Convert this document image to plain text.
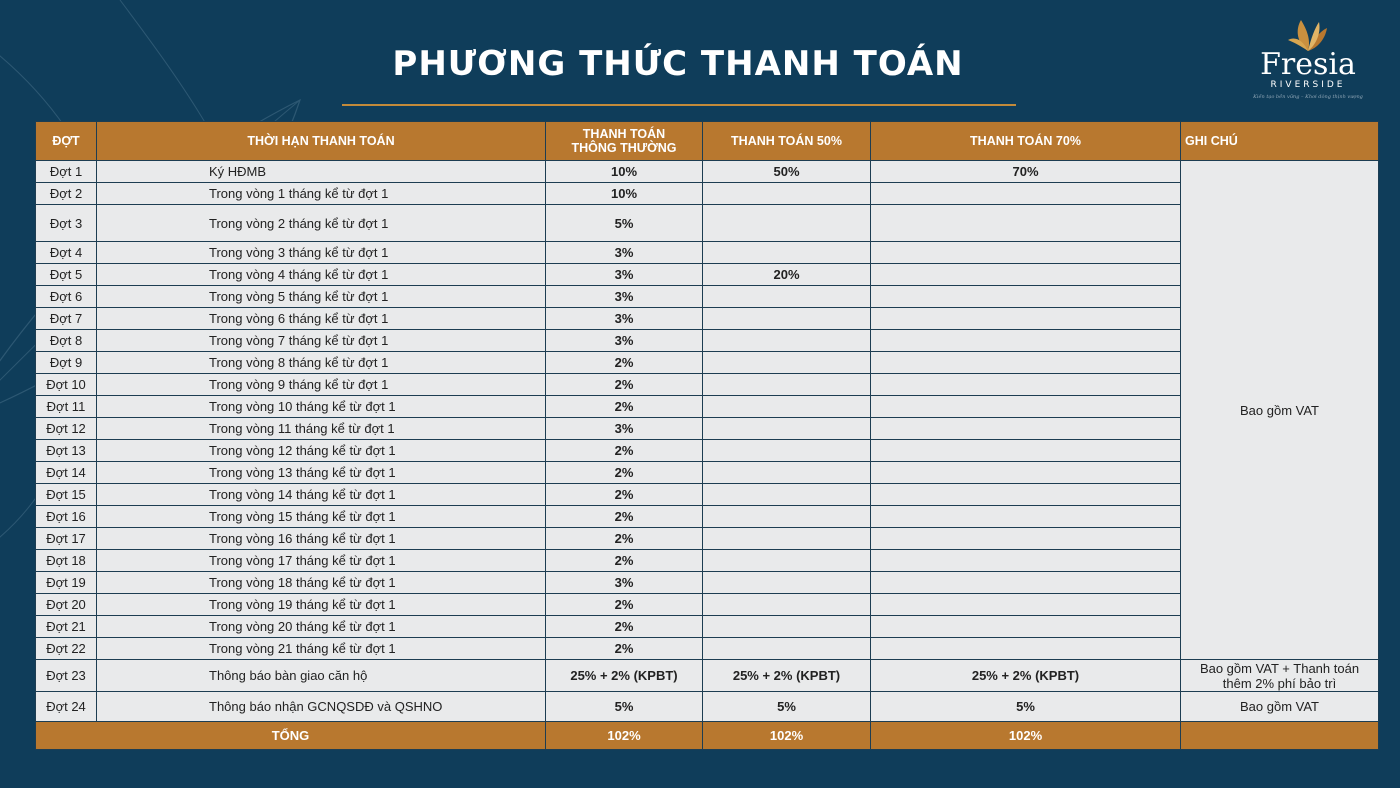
PHƯƠNG THỨC THANH TOÁN	Fresia
RIVERSIDE
Kiến tạo bền vững – Khơi dòng thịnh vượng
ĐỢT	THỜI HẠN THANH TOÁN	THANH TOÁN
THÔNG THƯỜNG	THANH TOÁN 50%	THANH TOÁN 70%	GHI CHÚ
Đợt 1	Ký HĐMB	10%	50%	70%	Bao gồm VAT
Đợt 2	Trong vòng 1 tháng kể từ đợt 1	10%			
Đợt 3	Trong vòng 2 tháng kể từ đợt 1	5%			
Đợt 4	Trong vòng 3 tháng kể từ đợt 1	3%			
Đợt 5	Trong vòng 4 tháng kể từ đợt 1	3%	20%		
Đợt 6	Trong vòng 5 tháng kể từ đợt 1	3%			
Đợt 7	Trong vòng 6 tháng kể từ đợt 1	3%			
Đợt 8	Trong vòng 7 tháng kể từ đợt 1	3%			
Đợt 9	Trong vòng 8 tháng kể từ đợt 1	2%			
Đợt 10	Trong vòng 9 tháng kể từ đợt 1	2%			
Đợt 11	Trong vòng 10 tháng kể từ đợt 1	2%			
Đợt 12	Trong vòng 11 tháng kể từ đợt 1	3%			
Đợt 13	Trong vòng 12 tháng kể từ đợt 1	2%			
Đợt 14	Trong vòng 13 tháng kể từ đợt 1	2%			
Đợt 15	Trong vòng 14 tháng kể từ đợt 1	2%			
Đợt 16	Trong vòng 15 tháng kể từ đợt 1	2%			
Đợt 17	Trong vòng 16 tháng kể từ đợt 1	2%			
Đợt 18	Trong vòng 17 tháng kể từ đợt 1	2%			
Đợt 19	Trong vòng 18 tháng kể từ đợt 1	3%			
Đợt 20	Trong vòng 19 tháng kể từ đợt 1	2%			
Đợt 21	Trong vòng 20 tháng kể từ đợt 1	2%			
Đợt 22	Trong vòng 21 tháng kể từ đợt 1	2%			
Đợt 23	Thông báo bàn giao căn hộ	25% + 2% (KPBT)	25% + 2% (KPBT)	25% + 2% (KPBT)	Bao gồm VAT + Thanh toán
thêm 2% phí bảo trì

Đợt 24	Thông báo nhận GCNQSDĐ và QSHNO	5%	5%	5%	Bao gồm VAT
TỔNG		102%	102%	102%	
